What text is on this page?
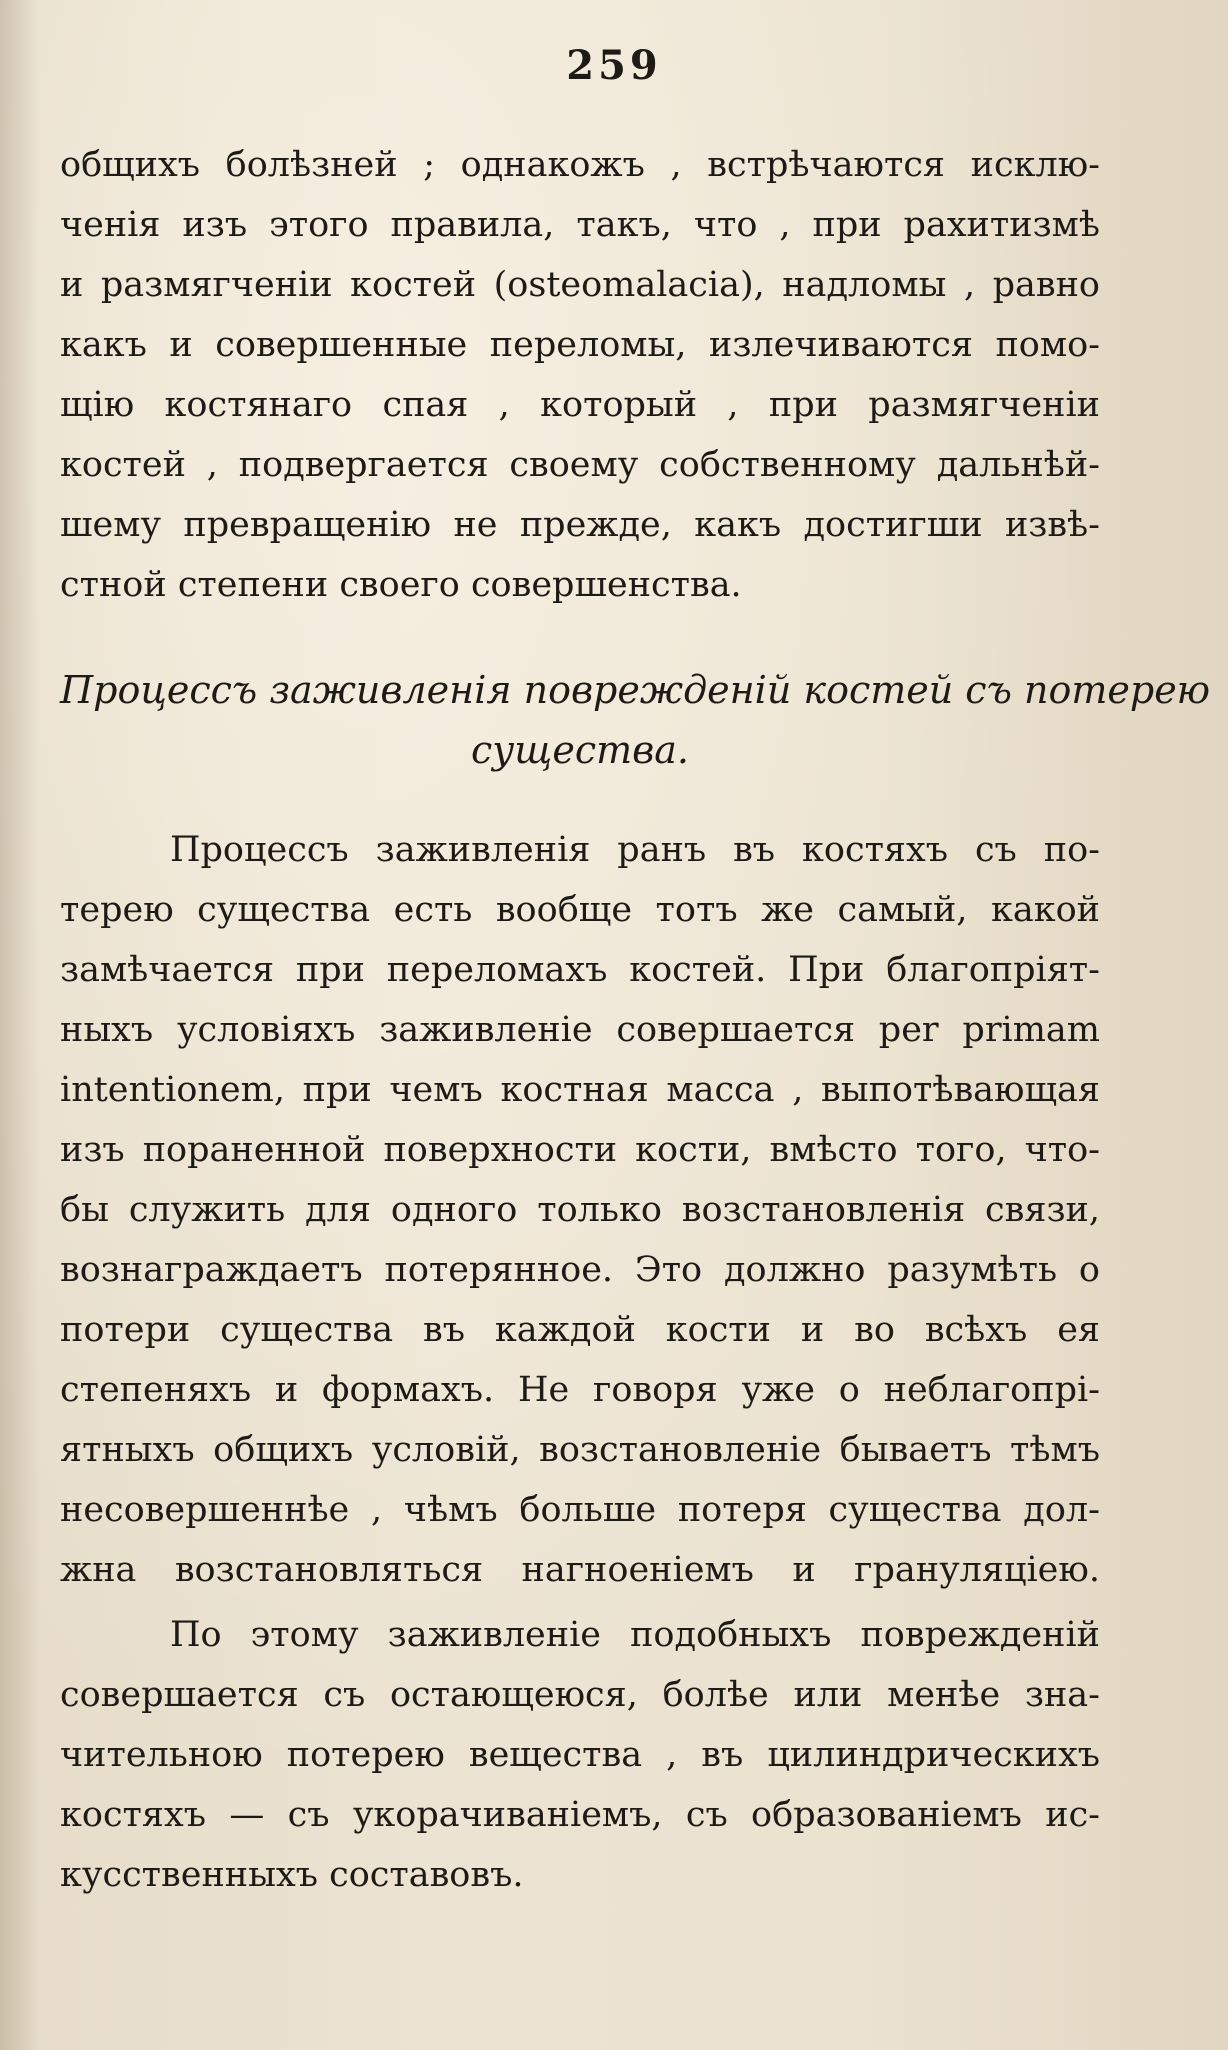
259
общихъ болѣзней ; однакожъ , встрѣчаются исклю-
ченія изъ этого правила, такъ, что , при рахитизмѣ
и размягченіи костей (osteomalacia), надломы , равно
какъ и совершенные переломы, излечиваются помо-
щію костянаго спая , который , при размягченіи
костей , подвергается своему собственному дальнѣй-
шему превращенію не прежде, какъ достигши извѣ-
стной степени своего совершенства.
Процессъ заживленія поврежденій костей съ потерею
существа.
Процессъ заживленія ранъ въ костяхъ съ по-
терею существа есть вообще тотъ же самый, какой
замѣчается при переломахъ костей. При благопріят-
ныхъ условіяхъ заживленіе совершается per primam
intentionem, при чемъ костная масса , выпотѣвающая
изъ пораненной поверхности кости, вмѣсто того, что-
бы служить для одного только возстановленія связи,
вознаграждаетъ потерянное. Это должно разумѣть о
потери существа въ каждой кости и во всѣхъ ея
степеняхъ и формахъ. Не говоря уже о неблагопрі-
ятныхъ общихъ условій, возстановленіе бываетъ тѣмъ
несовершеннѣе , чѣмъ больше потеря существа дол-
жна возстановляться нагноеніемъ и грануляціею.
По этому заживленіе подобныхъ поврежденій
совершается съ остающеюся, болѣе или менѣе зна-
чительною потерею вещества , въ цилиндрическихъ
костяхъ — съ укорачиваніемъ, съ образованіемъ ис-
кусственныхъ составовъ.
